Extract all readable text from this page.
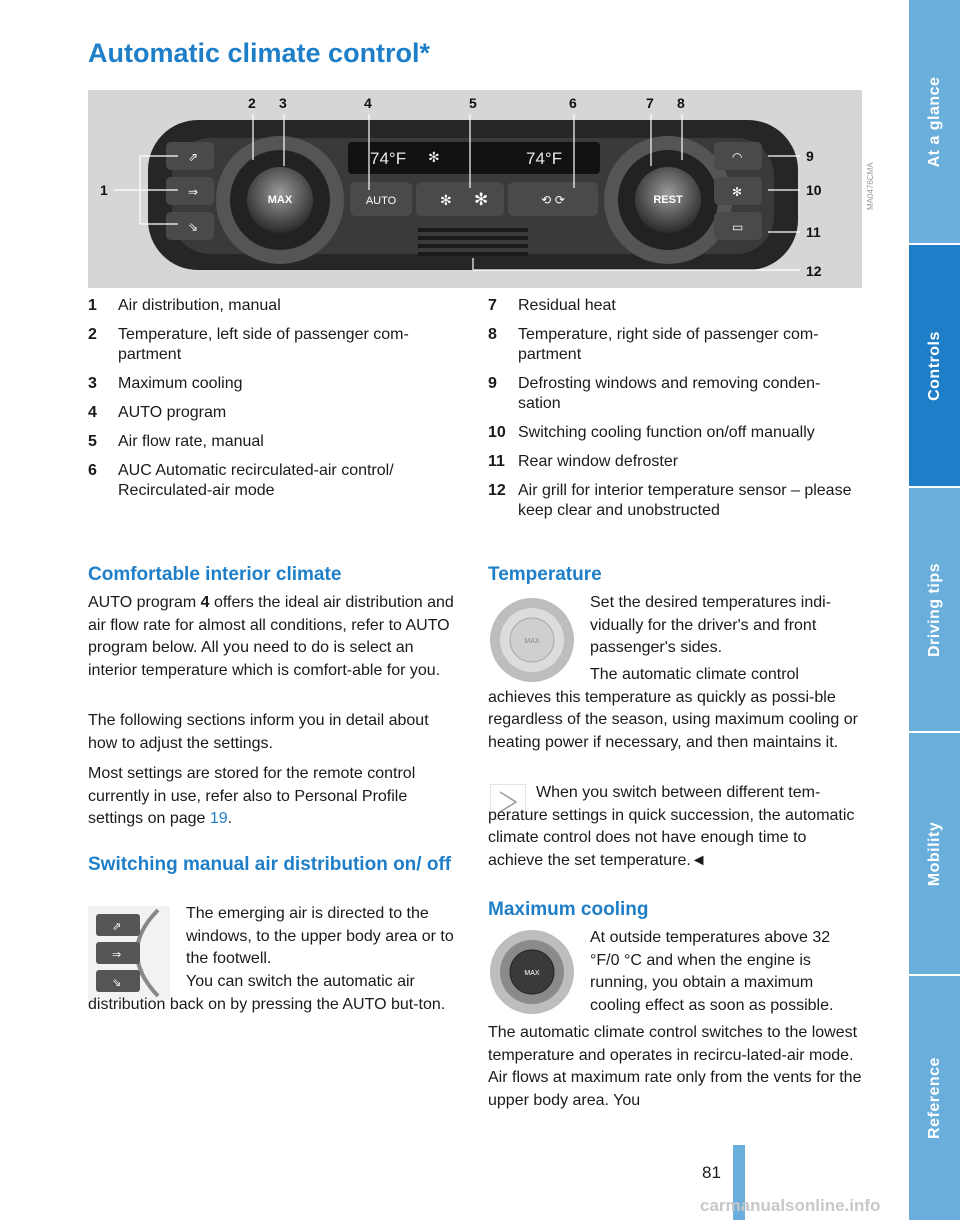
Automatic climate control*
⇗
⇒
⇘
MAX	REST
74°F ✻	74°F
AUTO	✻ ✻	⟲ ⟳
◠
✻
▭
1
2 3	4	5	6	7 8
9
10
11
12
MA0476CMA
1	Air distribution, manual
2	Temperature, left side of passenger com-partment
3	Maximum cooling
4	AUTO program
5	Air flow rate, manual
6	AUC Automatic recirculated-air control/ Recirculated-air mode
7	Residual heat
8	Temperature, right side of passenger com-partment
9	Defrosting windows and removing conden-sation
10 Switching cooling function on/off manually
11 Rear window defroster
12 Air grill for interior temperature sensor – please keep clear and unobstructed
Comfortable interior climate

AUTO program 4 offers the ideal air distribution and air flow rate for almost all conditions, refer to AUTO program below. All you need to do is select an interior temperature which is comfort-able for you.

The following sections inform you in detail about how to adjust the settings.

Most settings are stored for the remote control currently in use, refer also to Personal Profile settings on page 19.

Switching manual air distribution on/ off
⇗
⇒
⇘

The emerging air is directed to the windows, to the upper body area or to the footwell.

You can switch the automatic air distribution back on by pressing the AUTO but-ton.

Temperature
MAX

Set the desired temperatures indi-vidually for the driver's and front passenger's sides.

The automatic climate control achieves this temperature as quickly as possi-ble regardless of the season, using maximum cooling or heating power if necessary, and then maintains it.

When you switch between different tem-perature settings in quick succession, the automatic climate control does not have enough time to achieve the set temperature.◄

Maximum cooling
MAX

At outside temperatures above 32 °F/0 °C and when the engine is running, you obtain a maximum cooling effect as soon as possible.

The automatic climate control switches to the lowest temperature and operates in recircu-lated-air mode. Air flows at maximum rate only from the vents for the upper body area. You

At a glance
Controls
Driving tips
Mobility
Reference
81
carmanualsonline.info
